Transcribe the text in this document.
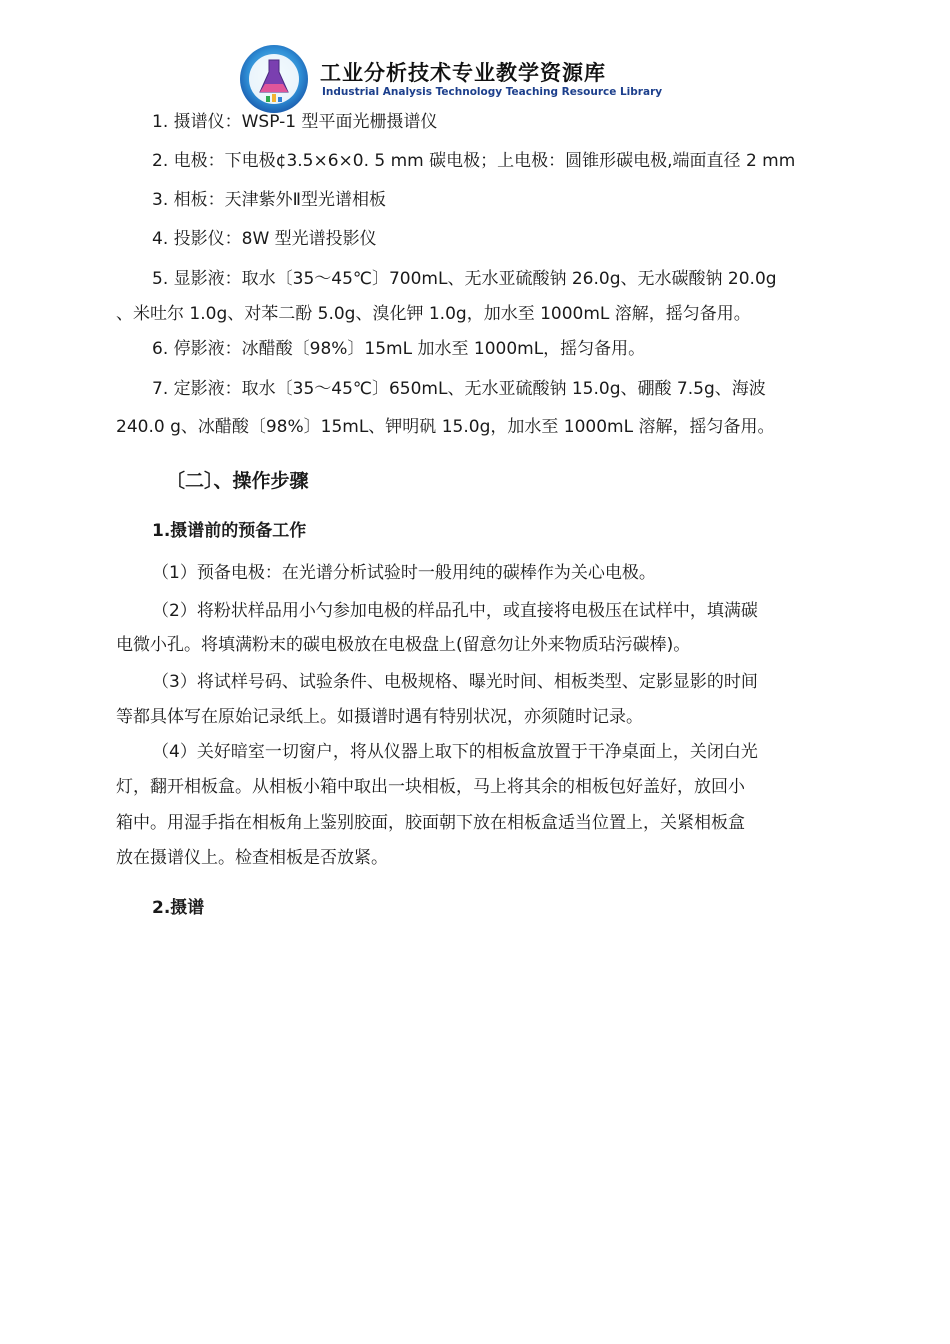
工业分析技术专业教学资源库
Industrial Analysis Technology Teaching Resource Library
1. 摄谱仪：WSP-1 型平面光栅摄谱仪
2. 电极：下电极¢3.5×6×0. 5 mm 碳电极；上电极：圆锥形碳电极,端面直径 2 mm
3. 相板：天津紫外Ⅱ型光谱相板
4. 投影仪：8W 型光谱投影仪
5. 显影液：取水〔35～45℃〕700mL、无水亚硫酸钠 26.0g、无水碳酸钠 20.0g
、米吐尔 1.0g、对苯二酚 5.0g、溴化钾 1.0g，加水至 1000mL 溶解，摇匀备用。
6. 停影液：冰醋酸〔98%〕15mL 加水至 1000mL，摇匀备用。
7. 定影液：取水〔35～45℃〕650mL、无水亚硫酸钠 15.0g、硼酸 7.5g、海波
240.0 g、冰醋酸〔98%〕15mL、钾明矾 15.0g，加水至 1000mL 溶解，摇匀备用。
〔二〕、操作步骤
1.摄谱前的预备工作
（1）预备电极：在光谱分析试验时一般用纯的碳棒作为关心电极。
（2）将粉状样品用小勺参加电极的样品孔中，或直接将电极压在试样中，填满碳
电微小孔。将填满粉末的碳电极放在电极盘上(留意勿让外来物质玷污碳棒)。
（3）将试样号码、试验条件、电极规格、曝光时间、相板类型、定影显影的时间
等都具体写在原始记录纸上。如摄谱时遇有特别状况，亦须随时记录。
（4）关好暗室一切窗户，将从仪器上取下的相板盒放置于干净桌面上，关闭白光
灯，翻开相板盒。从相板小箱中取出一块相板，马上将其余的相板包好盖好，放回小
箱中。用湿手指在相板角上鉴别胶面，胶面朝下放在相板盒适当位置上，关紧相板盒
放在摄谱仪上。检查相板是否放紧。
2.摄谱
